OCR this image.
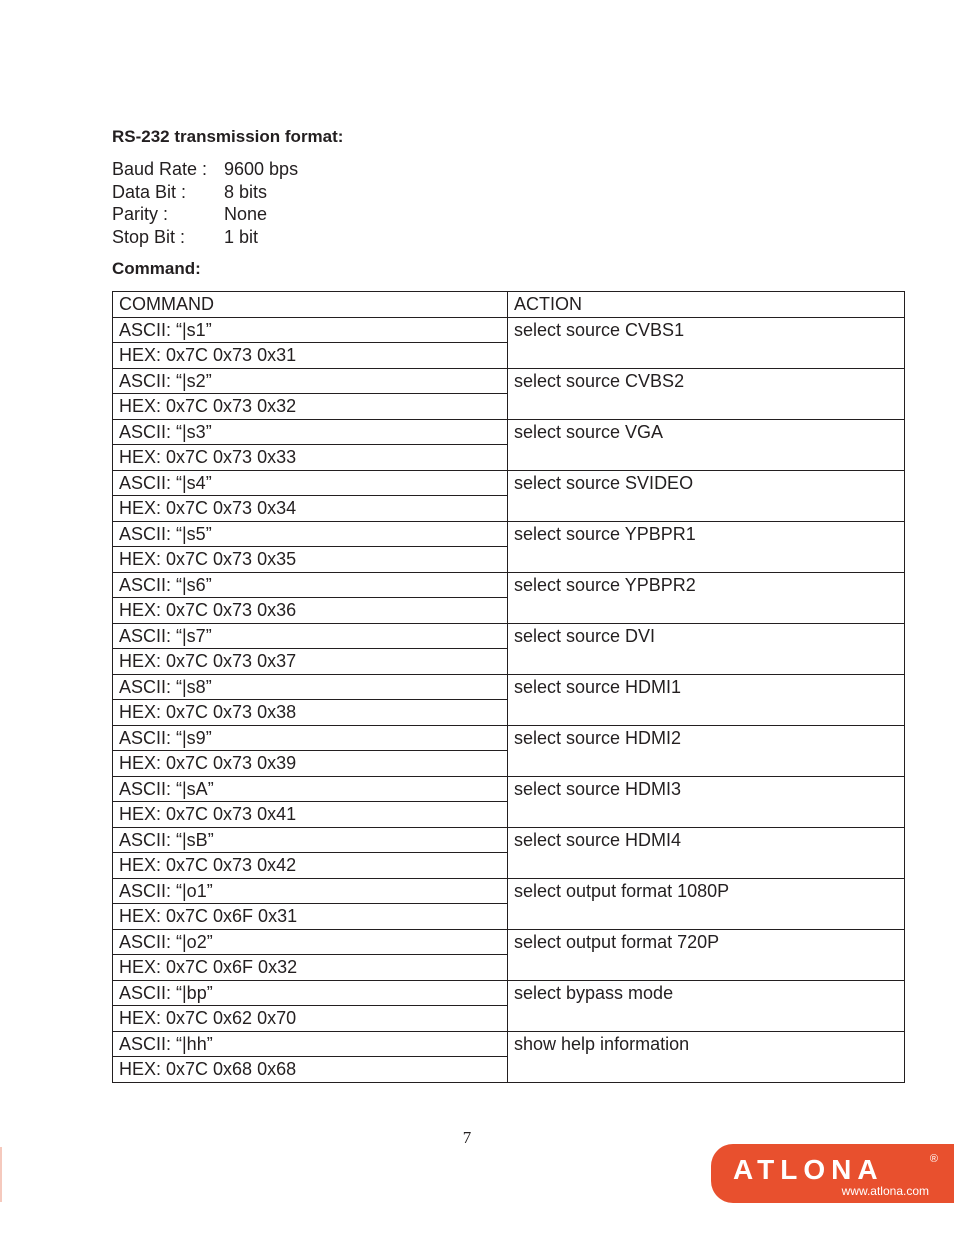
RS-232 transmission format:
Baud Rate : 9600 bps
Data Bit :	8 bits
Parity :	None
Stop Bit :	1 bit
Command:
COMMAND	ACTION
ASCII: “|s1”	select source CVBS1
HEX: 0x7C 0x73 0x31	
ASCII: “|s2”	select source CVBS2
HEX: 0x7C 0x73 0x32	
ASCII: “|s3”	select source VGA
HEX: 0x7C 0x73 0x33	
ASCII: “|s4”	select source SVIDEO
HEX: 0x7C 0x73 0x34	
ASCII: “|s5”	select source YPBPR1
HEX: 0x7C 0x73 0x35	
ASCII: “|s6”	select source YPBPR2
HEX: 0x7C 0x73 0x36	
ASCII: “|s7”	select source DVI
HEX: 0x7C 0x73 0x37	
ASCII: “|s8”	select source HDMI1
HEX: 0x7C 0x73 0x38	
ASCII: “|s9”	select source HDMI2
HEX: 0x7C 0x73 0x39	
ASCII: “|sA”	select source HDMI3
HEX: 0x7C 0x73 0x41	
ASCII: “|sB”	select source HDMI4
HEX: 0x7C 0x73 0x42	
ASCII: “|o1”	select output format 1080P
HEX: 0x7C 0x6F 0x31	
ASCII: “|o2”	select output format 720P
HEX: 0x7C 0x6F 0x32	
ASCII: “|bp”	select bypass mode
HEX: 0x7C 0x62 0x70	
ASCII: “|hh”	show help information
HEX: 0x7C 0x68 0x68	
7
ATLONA	®
www.atlona.com
